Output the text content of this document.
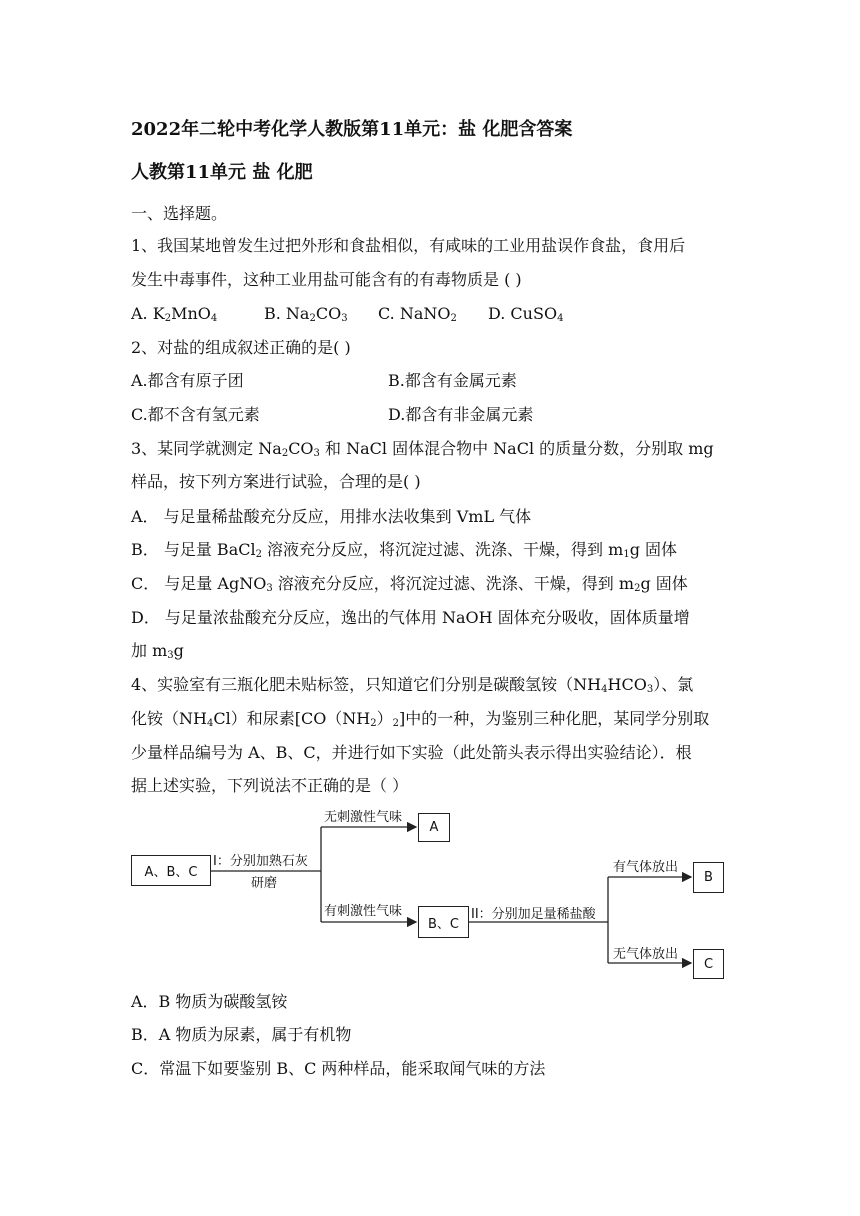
2022年二轮中考化学人教版第11单元：盐 化肥含答案
人教第11单元 盐 化肥
一、选择题。
1、我国某地曾发生过把外形和食盐相似，有咸味的工业用盐误作食盐，食用后
发生中毒事件，这种工业用盐可能含有的有毒物质是 ( )
A. $K_2MnO_4$	B. $Na_2CO_3$ C. NaNO$_2$ D. CuSO$_4$
2、对盐的组成叙述正确的是( )
A.都含有原子团	B.都含有金属元素
C.都不含有氢元素	D.都含有非金属元素
3、某同学就测定 $Na_2CO_3$ 和 NaCl 固体混合物中 NaCl 的质量分数，分别取 mg
样品，按下列方案进行试验，合理的是( )
A． 与足量稀盐酸充分反应，用排水法收集到 VmL 气体
B． 与足量 BaCl$_2$ 溶液充分反应，将沉淀过滤、洗涤、干燥，得到 $m_1g$ 固体
C． 与足量 AgNO$_3$ 溶液充分反应，将沉淀过滤、洗涤、干燥，得到 $m_2g$ 固体
D． 与足量浓盐酸充分反应，逸出的气体用 NaOH 固体充分吸收，固体质量增
加 $m_3g$
4、实验室有三瓶化肥未贴标签，只知道它们分别是碳酸氢铵$(NH_4HCO_3)$、氯
化铵$(NH_4Cl)$和尿素$[CO(NH_2)_2]$中的一种，为鉴别三种化肥，某同学分别取
少量样品编号为 A、B、C，并进行如下实验（此处箭头表示得出实验结论）．根
据上述实验，下列说法不正确的是（ ）
A、B、C
I：分别加熟石灰
研磨
无刺激性气味
A
有刺激性气味
B、C
II：分别加足量稀盐酸
有气体放出
B
无气体放出
C
A．B 物质为碳酸氢铵
B．A 物质为尿素，属于有机物
C．常温下如要鉴别 B、C 两种样品，能采取闻气味的方法
